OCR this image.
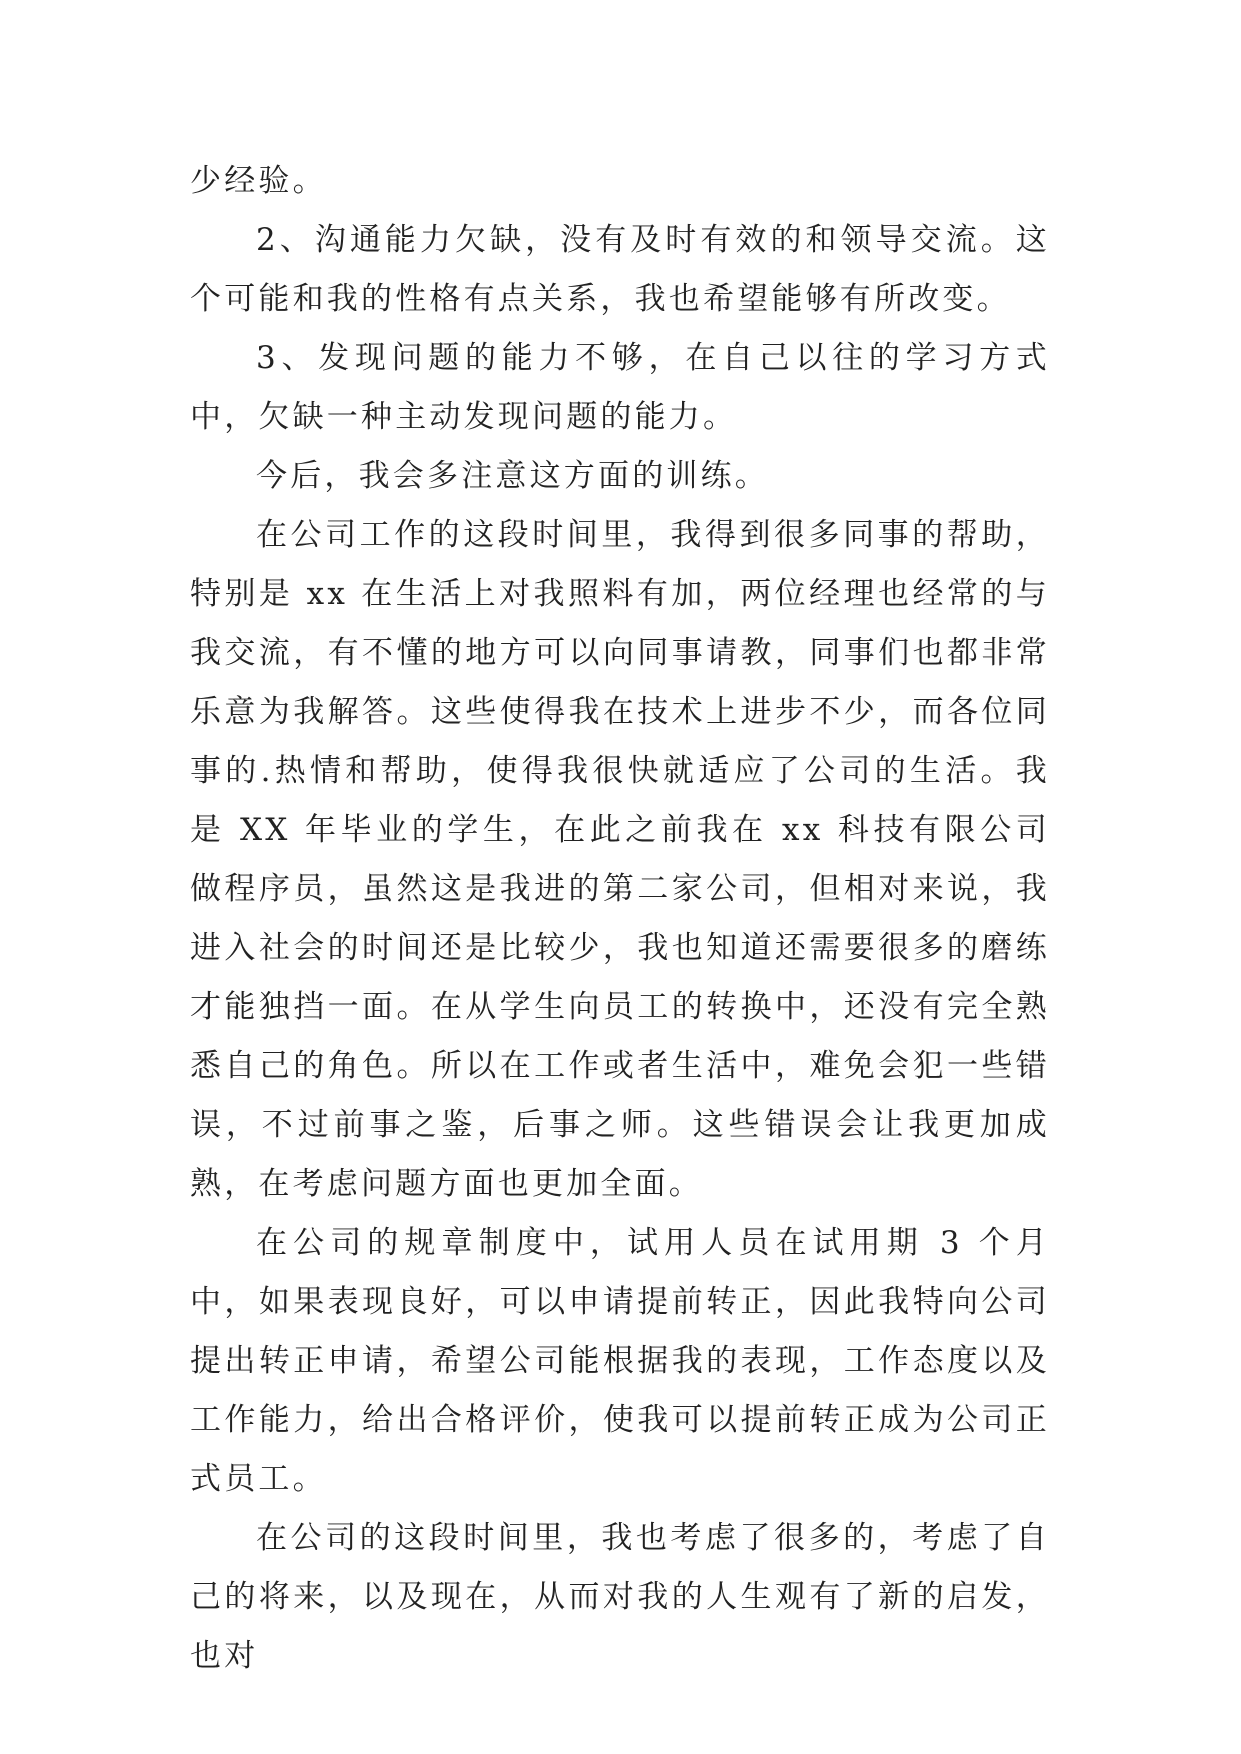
少经验。

2、沟通能力欠缺，没有及时有效的和领导交流。这个可能和我的性格有点关系，我也希望能够有所改变。

3、发现问题的能力不够，在自己以往的学习方式中，欠缺一种主动发现问题的能力。

今后，我会多注意这方面的训练。

在公司工作的这段时间里，我得到很多同事的帮助，特别是 xx 在生活上对我照料有加，两位经理也经常的与我交流，有不懂的地方可以向同事请教，同事们也都非常乐意为我解答。这些使得我在技术上进步不少，而各位同事的.热情和帮助，使得我很快就适应了公司的生活。我是 XX 年毕业的学生，在此之前我在 xx 科技有限公司做程序员，虽然这是我进的第二家公司，但相对来说，我进入社会的时间还是比较少，我也知道还需要很多的磨练才能独挡一面。在从学生向员工的转换中，还没有完全熟悉自己的角色。所以在工作或者生活中，难免会犯一些错误，不过前事之鉴，后事之师。这些错误会让我更加成熟，在考虑问题方面也更加全面。

在公司的规章制度中，试用人员在试用期 3 个月中，如果表现良好，可以申请提前转正，因此我特向公司提出转正申请，希望公司能根据我的表现，工作态度以及工作能力，给出合格评价，使我可以提前转正成为公司正式员工。

在公司的这段时间里，我也考虑了很多的，考虑了自己的将来，以及现在，从而对我的人生观有了新的启发，也对
